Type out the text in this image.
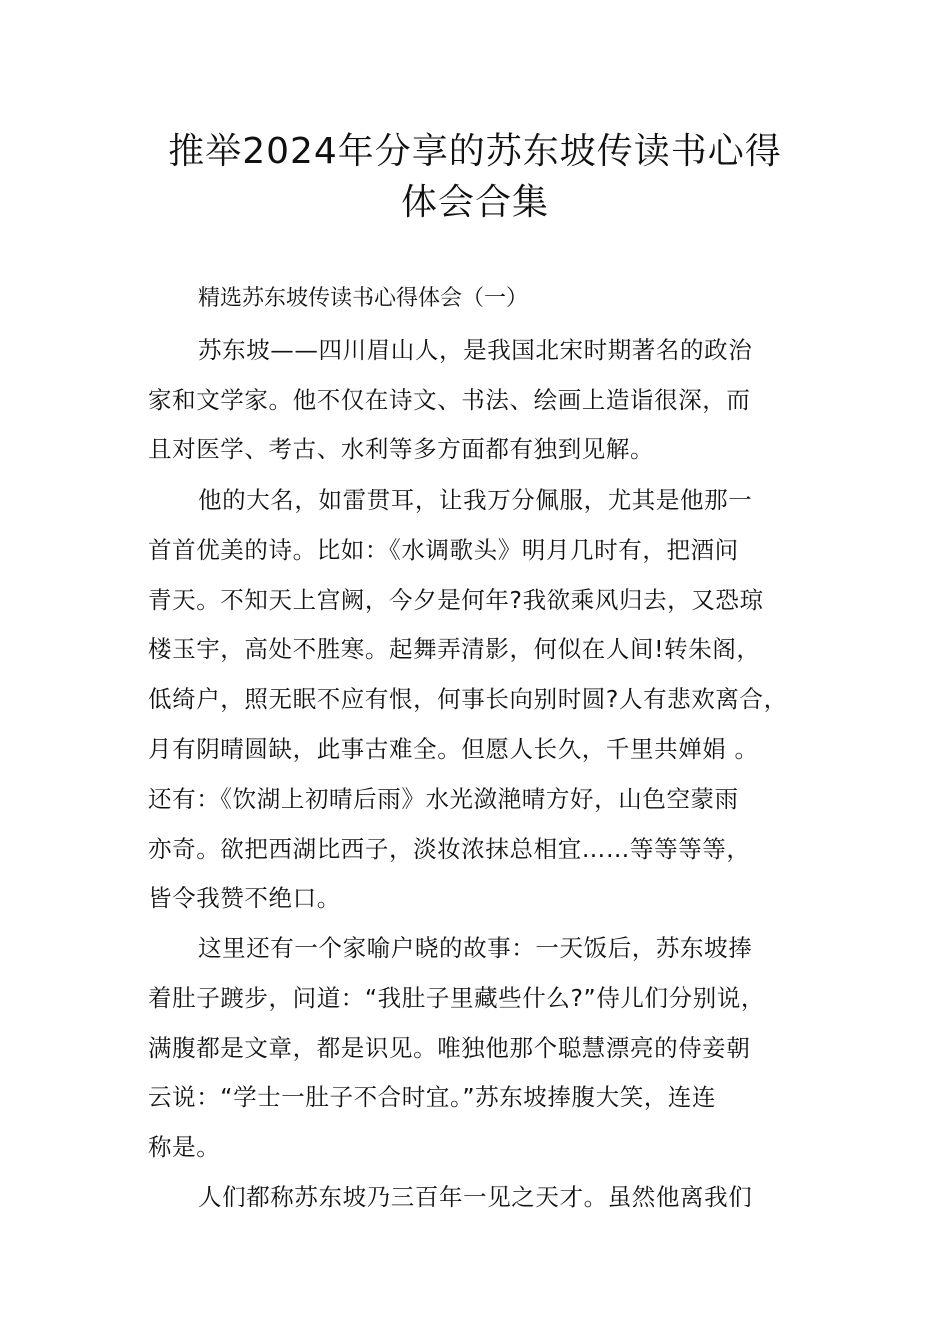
推举2024年分享的苏东坡传读书心得
体会合集
精选苏东坡传读书心得体会（一）
苏东坡——四川眉山人，是我国北宋时期著名的政治
家和文学家。他不仅在诗文、书法、绘画上造诣很深，而
且对医学、考古、水利等多方面都有独到见解。
他的大名，如雷贯耳，让我万分佩服，尤其是他那一
首首优美的诗。比如：《水调歌头》明月几时有，把酒问
青天。不知天上宫阙，今夕是何年?我欲乘风归去，又恐琼
楼玉宇，高处不胜寒。起舞弄清影，何似在人间!转朱阁，
低绮户，照无眠不应有恨，何事长向别时圆?人有悲欢离合，
月有阴晴圆缺，此事古难全。但愿人长久，千里共婵娟 。
还有：《饮湖上初晴后雨》水光潋滟晴方好，山色空蒙雨
亦奇。欲把西湖比西子，淡妆浓抹总相宜……等等等等，
皆令我赞不绝口。
这里还有一个家喻户晓的故事：一天饭后，苏东坡捧
着肚子踱步，问道：“我肚子里藏些什么?”侍儿们分别说，
满腹都是文章，都是识见。唯独他那个聪慧漂亮的侍妾朝
云说：“学士一肚子不合时宜。”苏东坡捧腹大笑，连连
称是。
人们都称苏东坡乃三百年一见之天才。虽然他离我们
